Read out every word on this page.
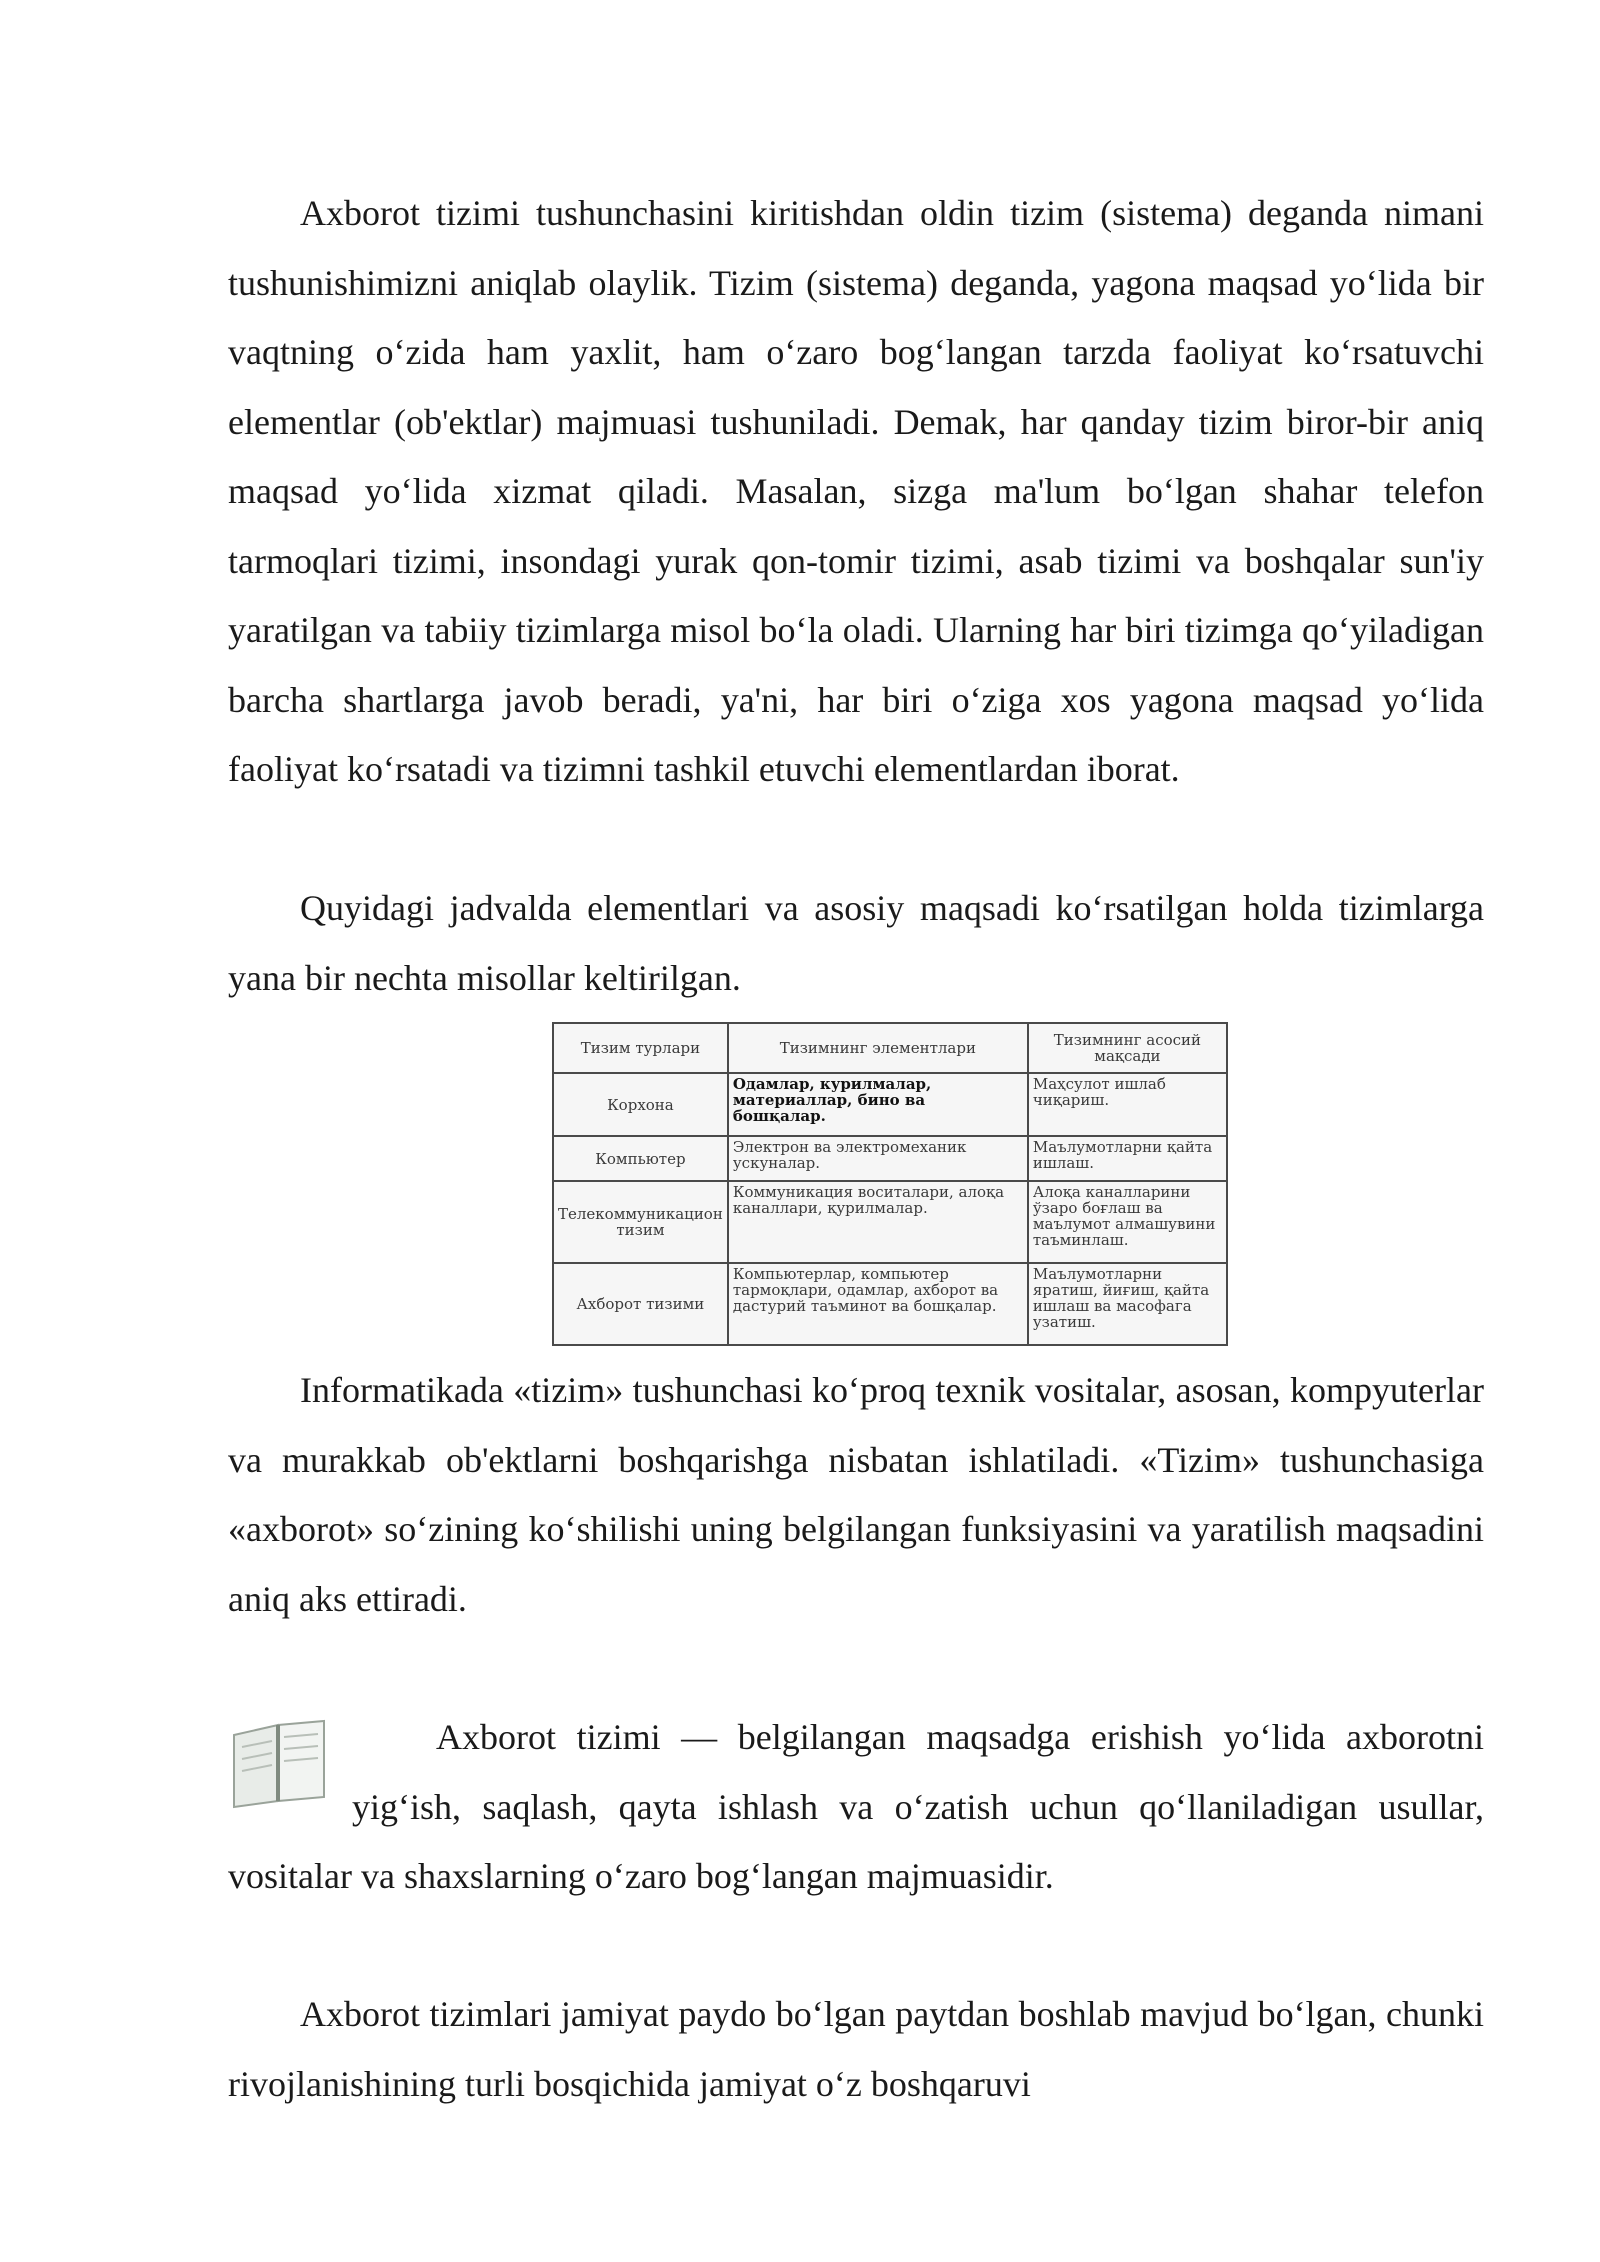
Axborot tizimi tushunchasini kiritishdan oldin tizim (sistema) deganda nimani tushunishimizni aniqlab olaylik. Tizim (sistema) deganda, yagona maqsad yo‘lida bir vaqtning o‘zida ham yaxlit, ham o‘zaro bog‘langan tarzda faoliyat ko‘rsatuvchi elementlar (ob'ektlar) majmuasi tushuniladi. Demak, har qanday tizim biror-bir aniq maqsad yo‘lida xizmat qiladi. Masalan, sizga ma'lum bo‘lgan shahar telefon tarmoqlari tizimi, insondagi yurak qon-tomir tizimi, asab tizimi va boshqalar sun'iy yaratilgan va tabiiy tizimlarga misol bo‘la oladi. Ularning har biri tizimga qo‘yiladigan barcha shartlarga javob beradi, ya'ni, har biri o‘ziga xos yagona maqsad yo‘lida faoliyat ko‘rsatadi va tizimni tashkil etuvchi elementlardan iborat.

Quyidagi jadvalda elementlari va asosiy maqsadi ko‘rsatilgan holda tizimlarga yana bir nechta misollar keltirilgan.

Тизим турлари	Тизимнинг элементлари	Тизимнинг асосий мақсади
Корхона	Одамлар, курилмалар, материаллар, бино ва бошқалар.	Маҳсулот ишлаб чиқариш.
Компьютер	Электрон ва электромеханик ускуналар.	Маълумотларни қайта ишлаш.
Телекоммуникацион тизим	Коммуникация воситалари, алоқа каналлари, қурилмалар.	Алоқа каналларини ўзаро боғлаш ва маълумот алмашувини таъминлаш.
Ахборот тизими	Компьютерлар, компьютер тармоқлари, одамлар, ахборот ва дастурий таъминот ва бошқалар.	Маълумотларни яратиш, йиғиш, қайта ишлаш ва масофага узатиш.

Informatikada «tizim» tushunchasi ko‘proq texnik vositalar, asosan, kompyuterlar va murakkab ob'ektlarni boshqarishga nisbatan ishlatiladi. «Tizim» tushunchasiga «axborot» so‘zining ko‘shilishi uning belgilangan funksiyasini va yaratilish maqsadini aniq aks ettiradi.

Axborot tizimi — belgilangan maqsadga erishish yo‘lida axborotni yig‘ish, saqlash, qayta ishlash va o‘zatish uchun qo‘llaniladigan usullar, vositalar va shaxslarning o‘zaro bog‘langan majmuasidir.

Axborot tizimlari jamiyat paydo bo‘lgan paytdan boshlab mavjud bo‘lgan, chunki rivojlanishining turli bosqichida jamiyat o‘z boshqaruvi
